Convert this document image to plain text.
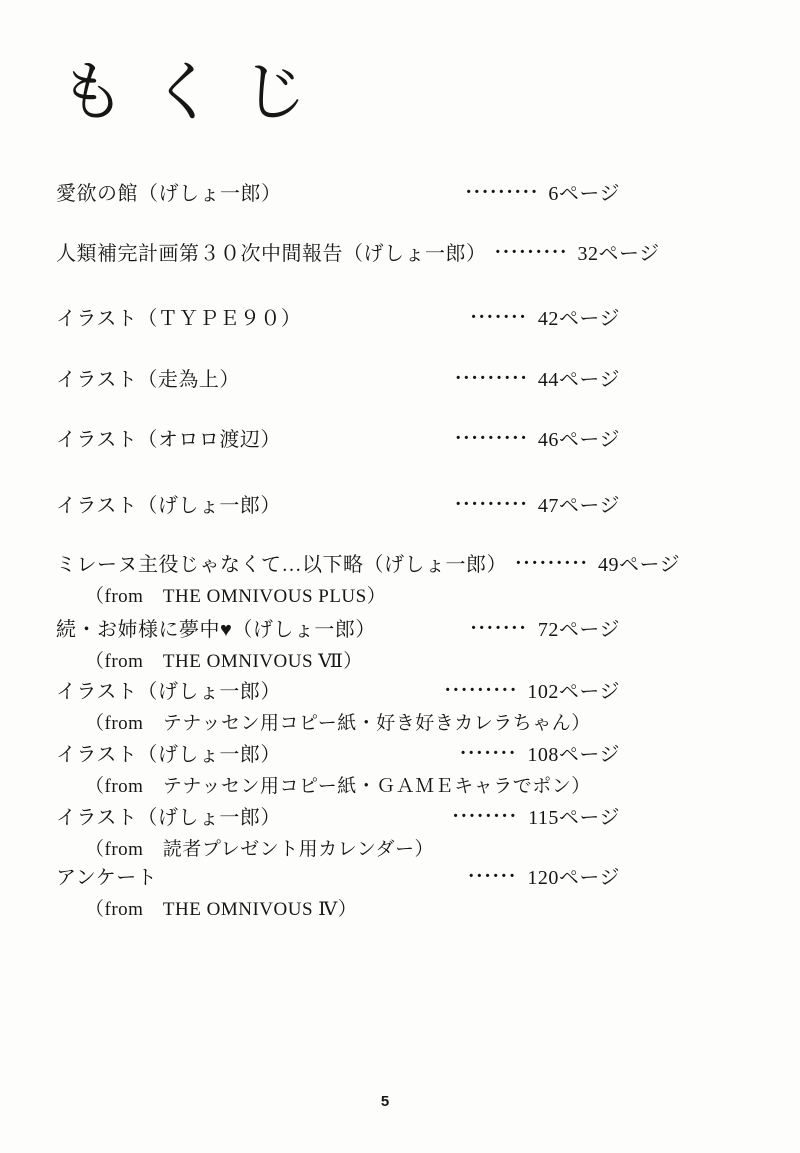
もくじ
愛欲の館（げしょ一郎）	········· 6ページ
人類補完計画第３０次中間報告（げしょ一郎） ········· 32ページ
イラスト（ＴＹＰＥ９０）	······· 42ページ
イラスト（走為上）	········· 44ページ
イラスト（オロロ渡辺）	········· 46ページ
イラスト（げしょ一郎）	········· 47ページ
ミレーヌ主役じゃなくて…以下略（げしょ一郎） ········· 49ページ
（from　THE OMNIVOUS PLUS）
続・お姉様に夢中♥（げしょ一郎）	······· 72ページ
（from　THE OMNIVOUS Ⅶ）
イラスト（げしょ一郎）	········· 102ページ
（from　テナッセン用コピー紙・好き好きカレラちゃん）
イラスト（げしょ一郎）	······· 108ページ
（from　テナッセン用コピー紙・ＧＡＭＥキャラでポン）
イラスト（げしょ一郎）	········ 115ページ
（from　読者プレゼント用カレンダー）
アンケート	······ 120ページ
（from　THE OMNIVOUS Ⅳ）
5
